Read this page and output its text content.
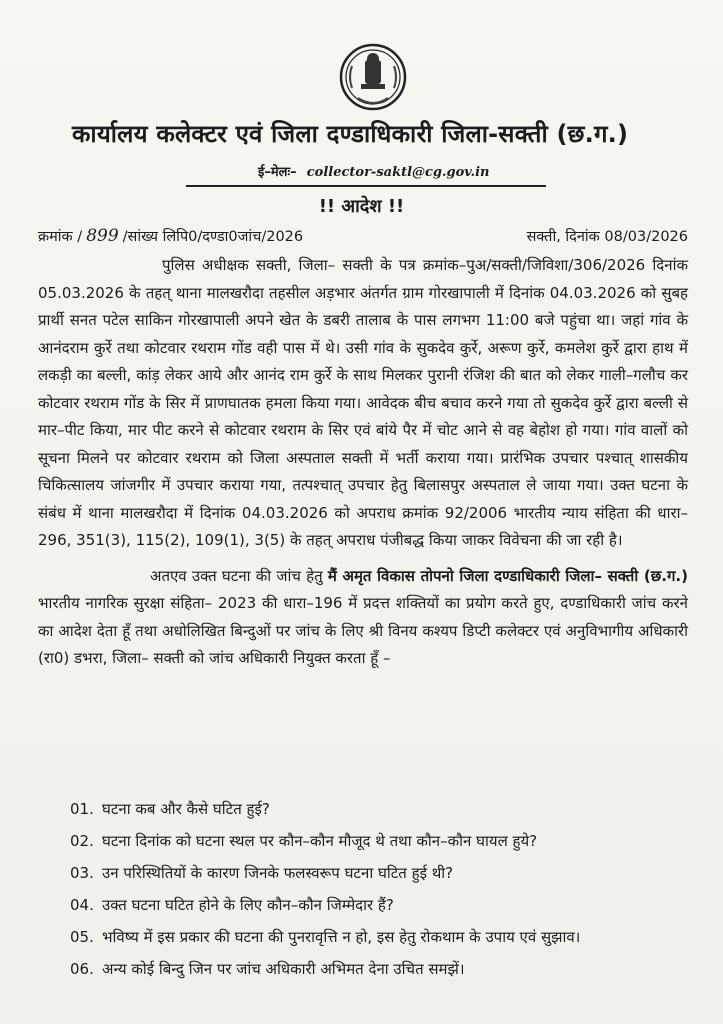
कार्यालय कलेक्टर एवं जिला दण्डाधिकारी जिला-सक्ती (छ.ग.)
ई–मेलः– collector-saktl@cg.gov.in
!! आदेश !!
क्रमांक / 899 /सांख्य लिपि0/दण्डा0जांच/2026	सक्ती, दिनांक 08/03/2026

पुलिस अधीक्षक सक्ती, जिला– सक्ती के पत्र क्रमांक–पुअ/सक्ती/जिविशा/306/2026 दिनांक 05.03.2026 के तहत् थाना मालखरौदा तहसील अड़भार अंतर्गत ग्राम गोरखापाली में दिनांक 04.03.2026 को सुबह प्रार्थी सनत पटेल साकिन गोरखापाली अपने खेत के डबरी तालाब के पास लगभग 11:00 बजे पहुंचा था। जहां गांव के आनंदराम कुर्रे तथा कोटवार रथराम गोंड वही पास में थे। उसी गांव के सुकदेव कुर्रे, अरूण कुर्रे, कमलेश कुर्रे द्वारा हाथ में लकड़ी का बल्ली, कांड़ लेकर आये और आनंद राम कुर्रे के साथ मिलकर पुरानी रंजिश की बात को लेकर गाली–गलौच कर कोटवार रथराम गोंड के सिर में प्राणघातक हमला किया गया। आवेदक बीच बचाव करने गया तो सुकदेव कुर्रे द्वारा बल्ली से मार–पीट किया, मार पीट करने से कोटवार रथराम के सिर एवं बांये पैर में चोट आने से वह बेहोश हो गया। गांव वालों को सूचना मिलने पर कोटवार रथराम को जिला अस्पताल सक्ती में भर्ती कराया गया। प्रारंभिक उपचार पश्चात् शासकीय चिकित्सालय जांजगीर में उपचार कराया गया, तत्पश्चात् उपचार हेतु बिलासपुर अस्पताल ले जाया गया। उक्त घटना के संबंध में थाना मालखरौदा में दिनांक 04.03.2026 को अपराध क्रमांक 92/2006 भारतीय न्याय संहिता की धारा–296, 351(3), 115(2), 109(1), 3(5) के तहत् अपराध पंजीबद्ध किया जाकर विवेचना की जा रही है।

अतएव उक्त घटना की जांच हेतु मैं अमृत विकास तोपनो जिला दण्डाधिकारी जिला– सक्ती (छ.ग.) भारतीय नागरिक सुरक्षा संहिता– 2023 की धारा–196 में प्रदत्त शक्तियों का प्रयोग करते हुए, दण्डाधिकारी जांच करने का आदेश देता हूँ तथा अधोलिखित बिन्दुओं पर जांच के लिए श्री विनय कश्यप डिप्टी कलेक्टर एवं अनुविभागीय अधिकारी (रा0) डभरा, जिला– सक्ती को जांच अधिकारी नियुक्त करता हूँ –

01. घटना कब और कैसे घटित हुई?
02. घटना दिनांक को घटना स्थल पर कौन–कौन मौजूद थे तथा कौन–कौन घायल हुये?
03. उन परिस्थितियों के कारण जिनके फलस्वरूप घटना घटित हुई थी?
04. उक्त घटना घटित होने के लिए कौन–कौन जिम्मेदार हैं?
05. भविष्य में इस प्रकार की घटना की पुनरावृत्ति न हो, इस हेतु रोकथाम के उपाय एवं सुझाव।
06. अन्य कोई बिन्दु जिन पर जांच अधिकारी अभिमत देना उचित समझें।
